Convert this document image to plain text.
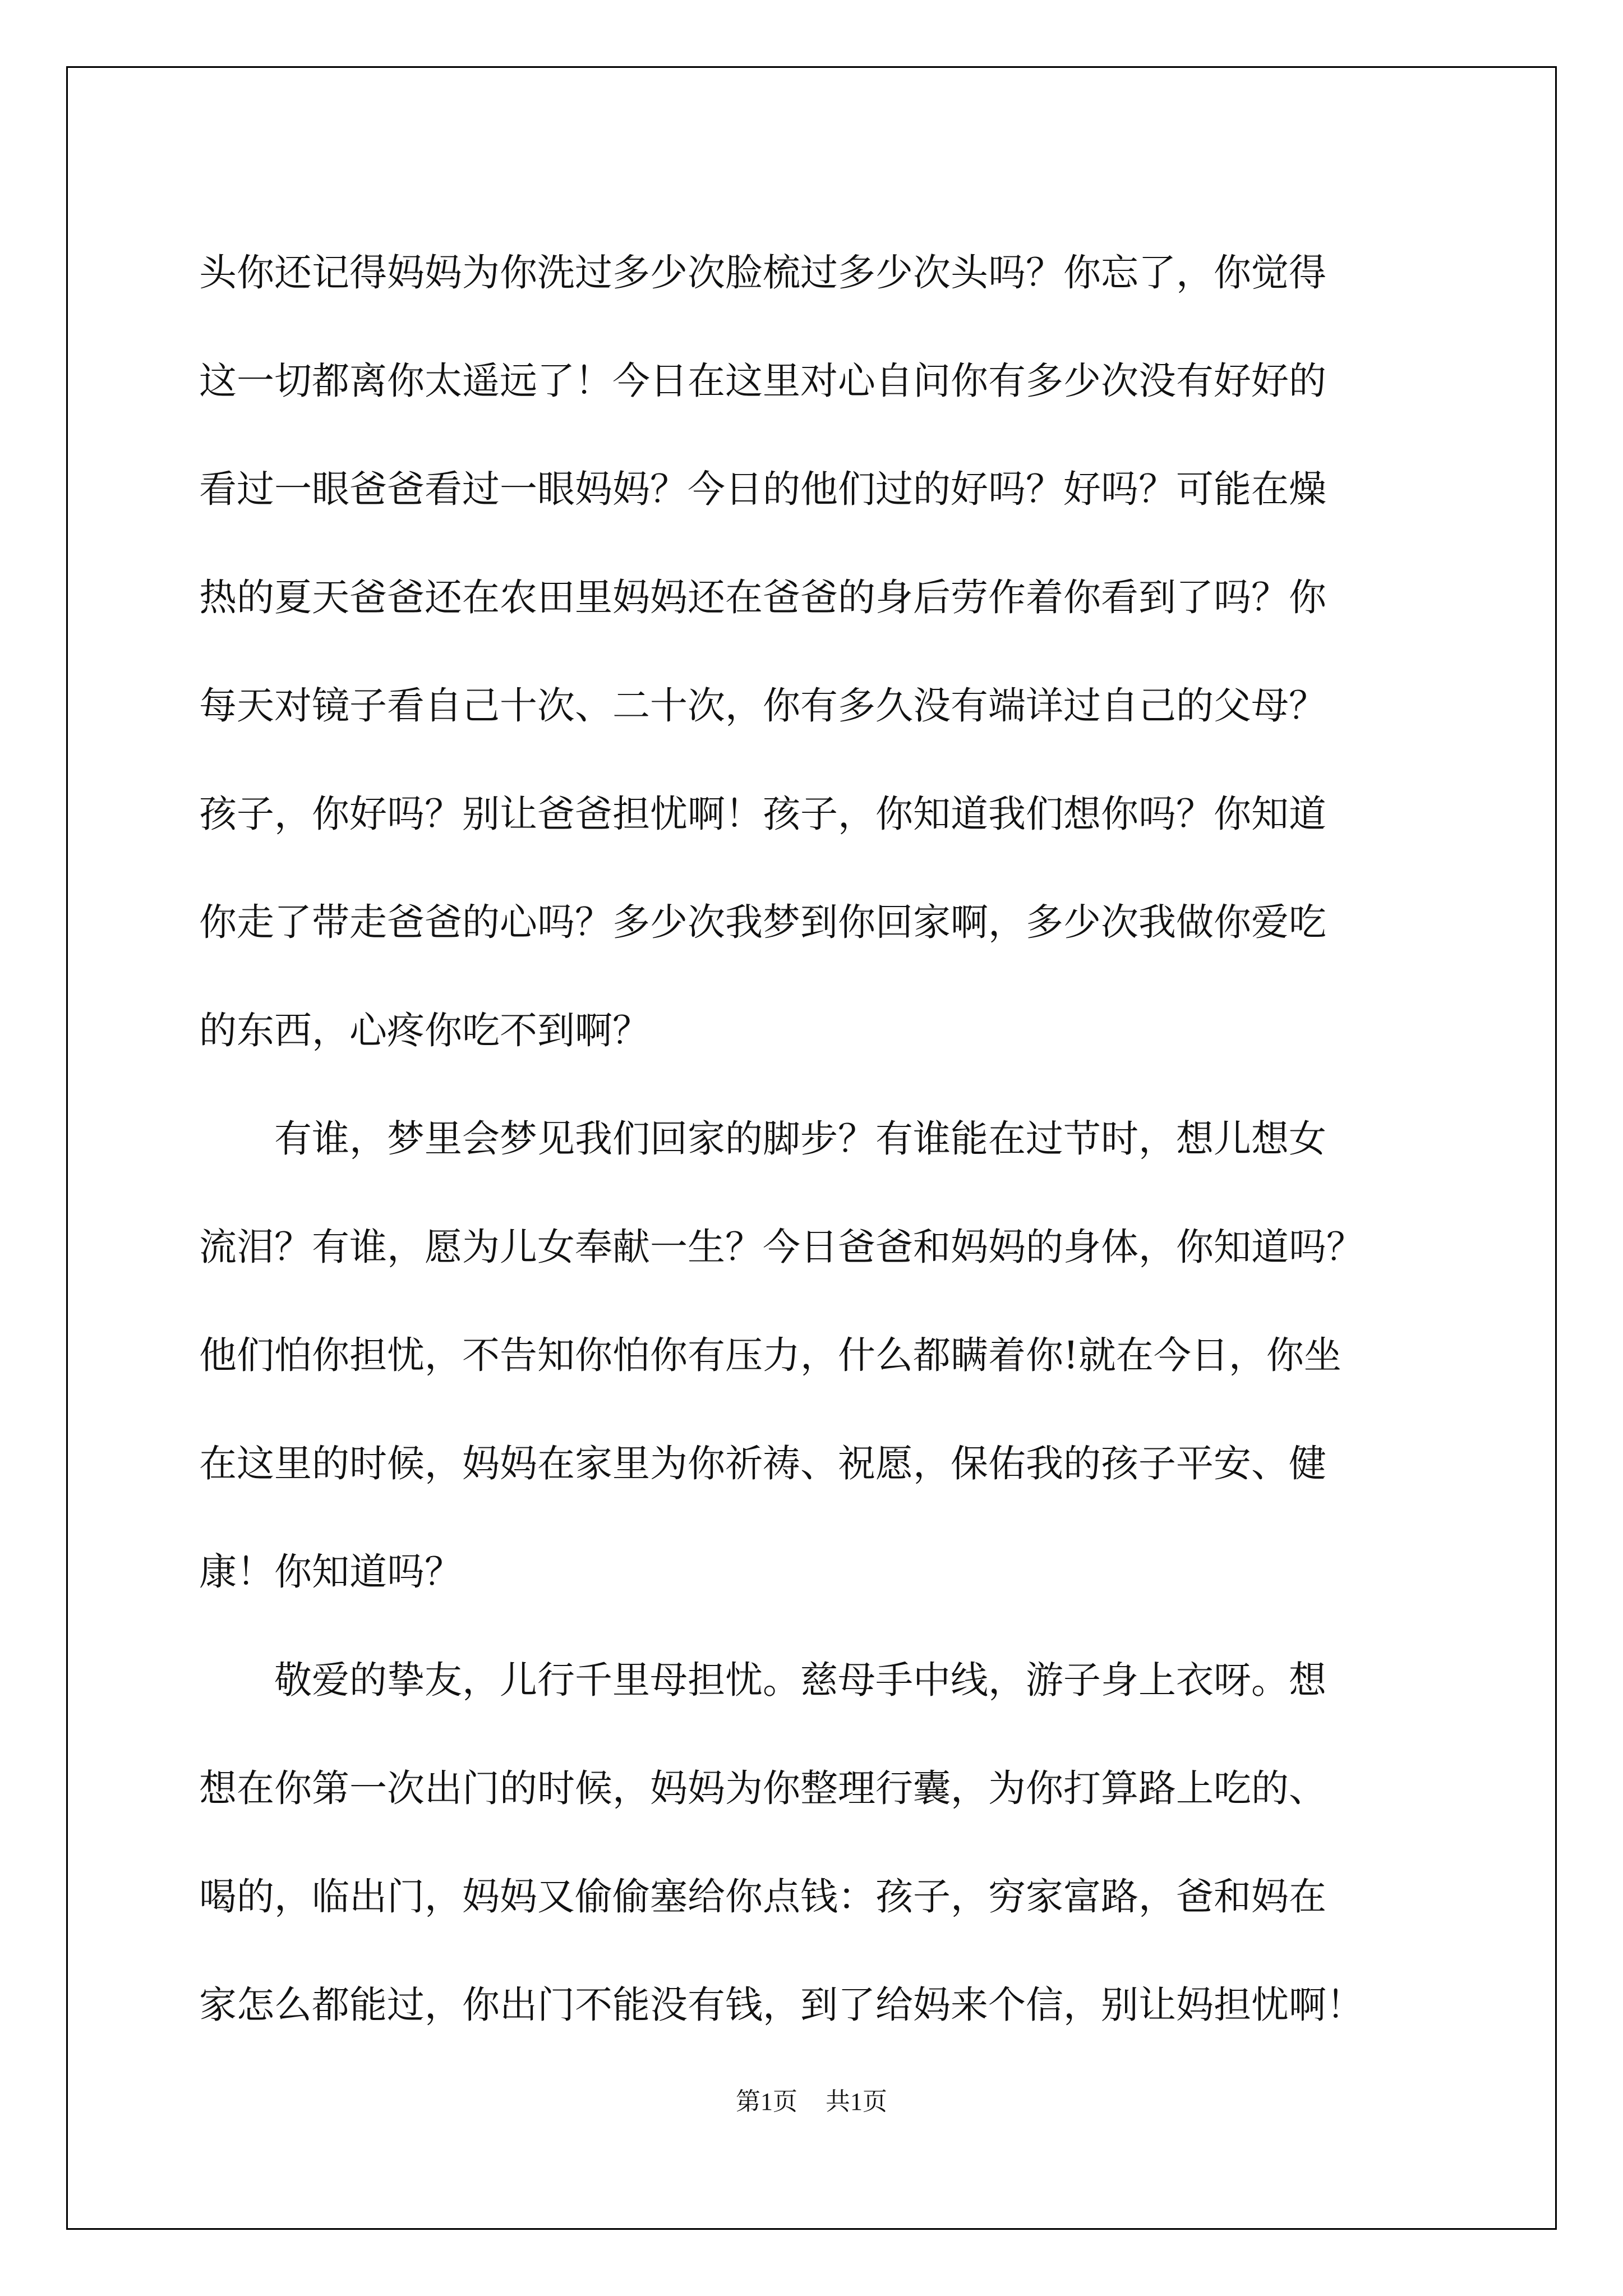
头你还记得妈妈为你洗过多少次脸梳过多少次头吗？你忘了，你觉得
这一切都离你太遥远了！今日在这里对心自问你有多少次没有好好的
看过一眼爸爸看过一眼妈妈？今日的他们过的好吗？好吗？可能在燥
热的夏天爸爸还在农田里妈妈还在爸爸的身后劳作着你看到了吗？你
每天对镜子看自己十次、二十次，你有多久没有端详过自己的父母？
孩子，你好吗？别让爸爸担忧啊！孩子，你知道我们想你吗？你知道
你走了带走爸爸的心吗？多少次我梦到你回家啊，多少次我做你爱吃
的东西，心疼你吃不到啊？
　　有谁，梦里会梦见我们回家的脚步？有谁能在过节时，想儿想女
流泪？有谁，愿为儿女奉献一生？今日爸爸和妈妈的身体，你知道吗？
他们怕你担忧，不告知你怕你有压力，什么都瞒着你!就在今日，你坐
在这里的时候，妈妈在家里为你祈祷、祝愿，保佑我的孩子平安、健
康！你知道吗？
　　敬爱的挚友，儿行千里母担忧。慈母手中线，游子身上衣呀。想
想在你第一次出门的时候，妈妈为你整理行囊，为你打算路上吃的、
喝的，临出门，妈妈又偷偷塞给你点钱：孩子，穷家富路，爸和妈在
家怎么都能过，你出门不能没有钱，到了给妈来个信，别让妈担忧啊！
第1页 共1页
